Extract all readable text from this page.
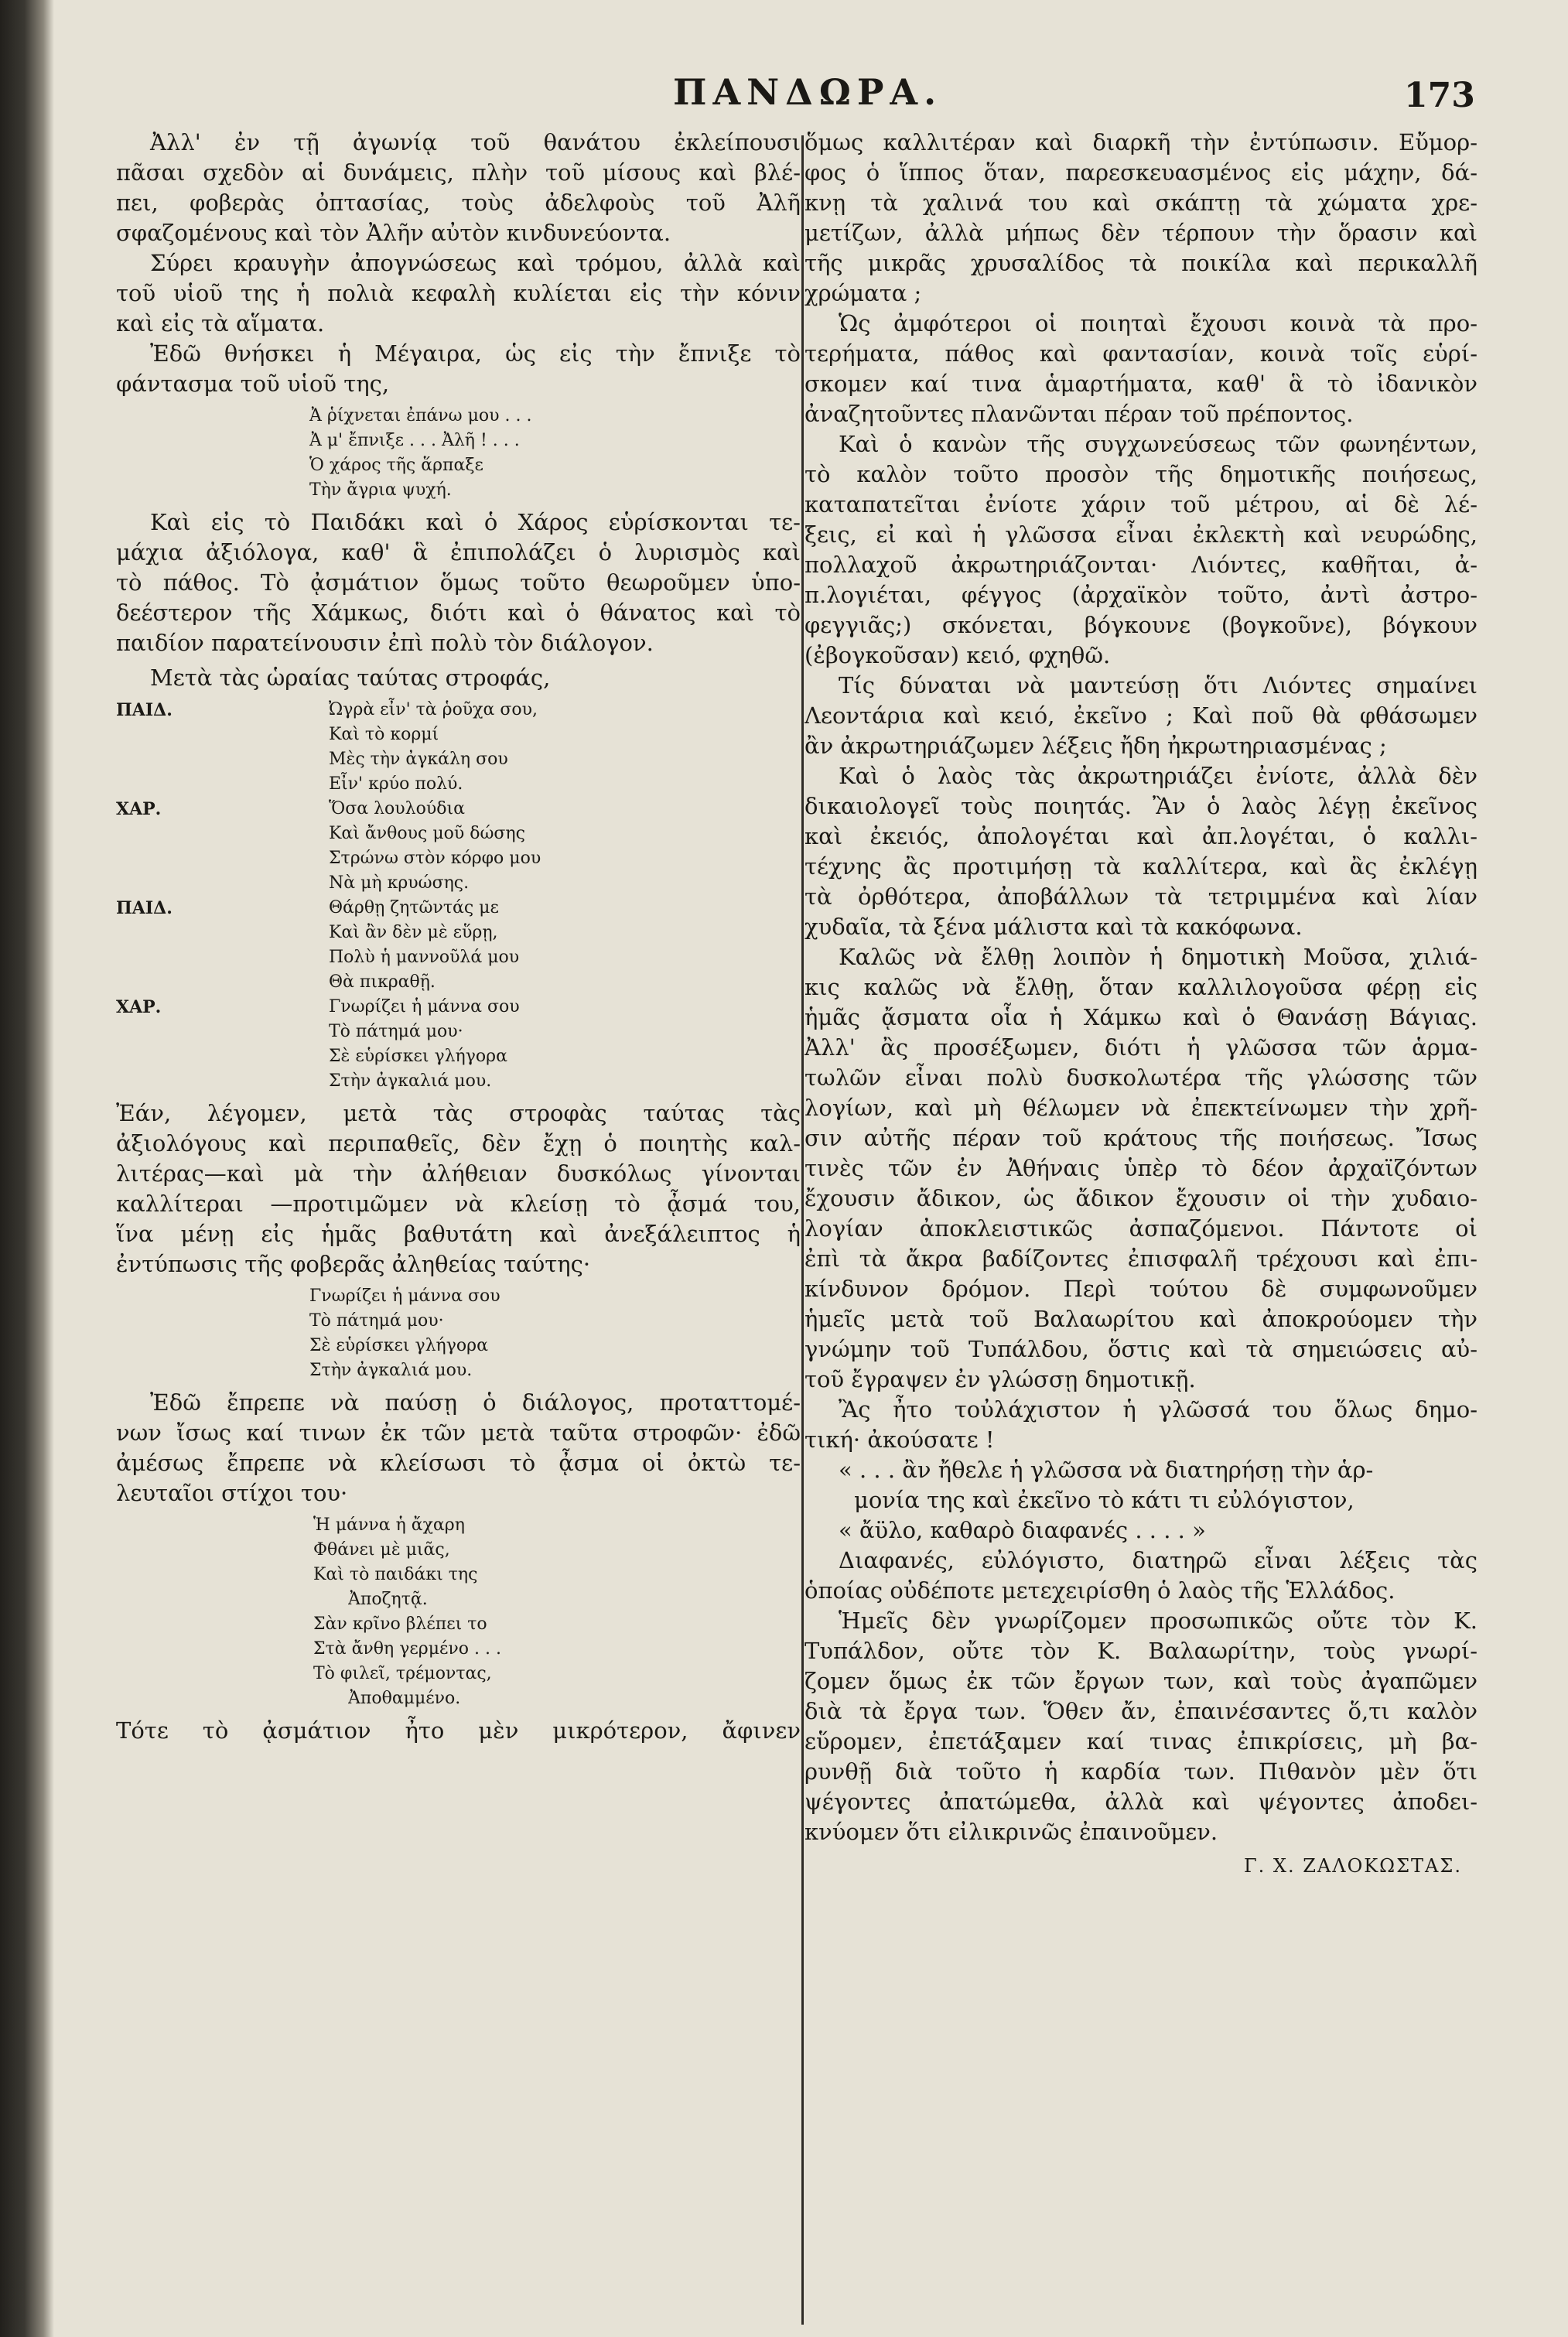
ΠΑΝΔΩΡΑ.	173

Ἀλλ' ἐν τῇ ἀγωνίᾳ τοῦ θανάτου ἐκλείπουσι

πᾶσαι σχεδὸν αἱ δυνάμεις, πλὴν τοῦ μίσους καὶ βλέ-

πει, φοβερὰς ὀπτασίας, τοὺς ἀδελφοὺς τοῦ Ἀλῆ

σφαζομένους καὶ τὸν Ἀλῆν αὐτὸν κινδυνεύοντα.

Σύρει κραυγὴν ἀπογνώσεως καὶ τρόμου, ἀλλὰ καὶ

τοῦ υἱοῦ της ἡ πολιὰ κεφαλὴ κυλίεται εἰς τὴν κόνιν

καὶ εἰς τὰ αἵματα.

Ἐδῶ θνήσκει ἡ Μέγαιρα, ὡς εἰς τὴν ἔπνιξε τὸ

φάντασμα τοῦ υἱοῦ της,

Ἀ ῥίχνεται ἐπάνω μου . . .

Ἀ μ' ἔπνιξε . . . Ἀλῆ ! . . .

Ὁ χάρος τῆς ἅρπαξε

Τὴν ἄγρια ψυχή.

Καὶ εἰς τὸ Παιδάκι καὶ ὁ Χάρος εὑρίσκονται τε-

μάχια ἀξιόλογα, καθ' ἃ ἐπιπολάζει ὁ λυρισμὸς καὶ

τὸ πάθος. Τὸ ᾀσμάτιον ὅμως τοῦτο θεωροῦμεν ὑπο-

δεέστερον τῆς Χάμκως, διότι καὶ ὁ θάνατος καὶ τὸ

παιδίον παρατείνουσιν ἐπὶ πολὺ τὸν διάλογον.

Μετὰ τὰς ὡραίας ταύτας στροφάς,

ΠΑΙΔ.	Ὠγρὰ εἶν' τὰ ῥοῦχα σου,
Καὶ τὸ κορμί
Μὲς τὴν ἀγκάλη σου
Εἶν' κρύο πολύ.
ΧΑΡ.	Ὅσα λουλούδια
Καὶ ἄνθους μοῦ δώσης
Στρώνω στὸν κόρφο μου
Νὰ μὴ κρυώσης.
ΠΑΙΔ.	Θάρθῃ ζητῶντάς με
Καὶ ἂν δὲν μὲ εὕρῃ,
Πολὺ ἡ μαννοῦλά μου
Θὰ πικραθῇ.
ΧΑΡ.	Γνωρίζει ἡ μάννα σου
Τὸ πάτημά μου·
Σὲ εὑρίσκει γλήγορα
Στὴν ἀγκαλιά μου.

Ἐάν, λέγομεν, μετὰ τὰς στροφὰς ταύτας τὰς

ἀξιολόγους καὶ περιπαθεῖς, δὲν ἔχῃ ὁ ποιητὴς καλ-

λιτέρας—καὶ μὰ τὴν ἀλήθειαν δυσκόλως γίνονται

καλλίτεραι —προτιμῶμεν νὰ κλείσῃ τὸ ᾆσμά του,

ἵνα μένῃ εἰς ἡμᾶς βαθυτάτη καὶ ἀνεξάλειπτος ἡ

ἐντύπωσις τῆς φοβερᾶς ἀληθείας ταύτης·

Γνωρίζει ἡ μάννα σου

Τὸ πάτημά μου·

Σὲ εὑρίσκει γλήγορα

Στὴν ἀγκαλιά μου.

Ἐδῶ ἔπρεπε νὰ παύσῃ ὁ διάλογος, προταττομέ-

νων ἴσως καί τινων ἐκ τῶν μετὰ ταῦτα στροφῶν· ἐδῶ

ἀμέσως ἔπρεπε νὰ κλείσωσι τὸ ᾆσμα οἱ ὀκτὼ τε-

λευταῖοι στίχοι του·

Ἡ μάννα ἡ ἄχαρη

Φθάνει μὲ μιᾶς,

Καὶ τὸ παιδάκι της

Ἀποζητᾷ.

Σὰν κρῖνο βλέπει το

Στὰ ἄνθη γερμένο . . .

Τὸ φιλεῖ, τρέμοντας,

Ἀποθαμμένο.

Τότε τὸ ᾀσμάτιον ἦτο μὲν μικρότερον, ἄφινεν

ὅμως καλλιτέραν καὶ διαρκῆ τὴν ἐντύπωσιν. Εὔμορ-

φος ὁ ἵππος ὅταν, παρεσκευασμένος εἰς μάχην, δά-

κνῃ τὰ χαλινά του καὶ σκάπτῃ τὰ χώματα χρε-

μετίζων, ἀλλὰ μήπως δὲν τέρπουν τὴν ὅρασιν καὶ

τῆς μικρᾶς χρυσαλίδος τὰ ποικίλα καὶ περικαλλῆ

χρώματα ;

Ὡς ἀμφότεροι οἱ ποιηταὶ ἔχουσι κοινὰ τὰ προ-

τερήματα, πάθος καὶ φαντασίαν, κοινὰ τοῖς εὑρί-

σκομεν καί τινα ἁμαρτήματα, καθ' ἃ τὸ ἰδανικὸν

ἀναζητοῦντες πλανῶνται πέραν τοῦ πρέποντος.

Καὶ ὁ κανὼν τῆς συγχωνεύσεως τῶν φωνηέντων,

τὸ καλὸν τοῦτο προσὸν τῆς δημοτικῆς ποιήσεως,

καταπατεῖται ἐνίοτε χάριν τοῦ μέτρου, αἱ δὲ λέ-

ξεις, εἰ καὶ ἡ γλῶσσα εἶναι ἐκλεκτὴ καὶ νευρώδης,

πολλαχοῦ ἀκρωτηριάζονται· Λιόντες, καθῆται, ἀ-

π.λογιέται, φέγγος (ἀρχαϊκὸν τοῦτο, ἀντὶ ἀστρο-

φεγγιᾶς;) σκόνεται, βόγκουνε (βογκοῦνε), βόγκουν

(ἐβογκοῦσαν) κειό, φχηθῶ.

Τίς δύναται νὰ μαντεύσῃ ὅτι Λιόντες σημαίνει

Λεοντάρια καὶ κειό, ἐκεῖνο ; Καὶ ποῦ θὰ φθάσωμεν

ἂν ἀκρωτηριάζωμεν λέξεις ἤδη ἠκρωτηριασμένας ;

Καὶ ὁ λαὸς τὰς ἀκρωτηριάζει ἐνίοτε, ἀλλὰ δὲν

δικαιολογεῖ τοὺς ποιητάς. Ἂν ὁ λαὸς λέγῃ ἐκεῖνος

καὶ ἐκειός, ἀπολογέται καὶ ἀπ.λογέται, ὁ καλλι-

τέχνης ἂς προτιμήσῃ τὰ καλλίτερα, καὶ ἂς ἐκλέγῃ

τὰ ὀρθότερα, ἀποβάλλων τὰ τετριμμένα καὶ λίαν

χυδαῖα, τὰ ξένα μάλιστα καὶ τὰ κακόφωνα.

Καλῶς νὰ ἔλθῃ λοιπὸν ἡ δημοτικὴ Μοῦσα, χιλιά-

κις καλῶς νὰ ἔλθῃ, ὅταν καλλιλογοῦσα φέρῃ εἰς

ἡμᾶς ᾄσματα οἷα ἡ Χάμκω καὶ ὁ Θανάσῃ Βάγιας.

Ἀλλ' ἂς προσέξωμεν, διότι ἡ γλῶσσα τῶν ἁρμα-

τωλῶν εἶναι πολὺ δυσκολωτέρα τῆς γλώσσης τῶν

λογίων, καὶ μὴ θέλωμεν νὰ ἐπεκτείνωμεν τὴν χρῆ-

σιν αὐτῆς πέραν τοῦ κράτους τῆς ποιήσεως. Ἴσως

τινὲς τῶν ἐν Ἀθήναις ὑπὲρ τὸ δέον ἀρχαϊζόντων

ἔχουσιν ἄδικον, ὡς ἄδικον ἔχουσιν οἱ τὴν χυδαιο-

λογίαν ἀποκλειστικῶς ἀσπαζόμενοι. Πάντοτε οἱ

ἐπὶ τὰ ἄκρα βαδίζοντες ἐπισφαλῆ τρέχουσι καὶ ἐπι-

κίνδυνον δρόμον. Περὶ τούτου δὲ συμφωνοῦμεν

ἡμεῖς μετὰ τοῦ Βαλαωρίτου καὶ ἀποκρούομεν τὴν

γνώμην τοῦ Τυπάλδου, ὅστις καὶ τὰ σημειώσεις αὐ-

τοῦ ἔγραψεν ἐν γλώσσῃ δημοτικῇ.

Ἂς ἦτο τοὐλάχιστον ἡ γλῶσσά του ὅλως δημο-

τική· ἀκούσατε !

« . . . ἂν ἤθελε ἡ γλῶσσα νὰ διατηρήσῃ τὴν ἁρ-

μονία της καὶ ἐκεῖνο τὸ κάτι τι εὐλόγιστον,

« ἄϋλο, καθαρὸ διαφανές . . . . »

Διαφανές, εὐλόγιστο, διατηρῶ εἶναι λέξεις τὰς

ὁποίας οὐδέποτε μετεχειρίσθη ὁ λαὸς τῆς Ἑλλάδος.

Ἡμεῖς δὲν γνωρίζομεν προσωπικῶς οὔτε τὸν Κ.

Τυπάλδον, οὔτε τὸν Κ. Βαλαωρίτην, τοὺς γνωρί-

ζομεν ὅμως ἐκ τῶν ἔργων των, καὶ τοὺς ἀγαπῶμεν

διὰ τὰ ἔργα των. Ὅθεν ἄν, ἐπαινέσαντες ὅ,τι καλὸν

εὕρομεν, ἐπετάξαμεν καί τινας ἐπικρίσεις, μὴ βα-

ρυνθῇ διὰ τοῦτο ἡ καρδία των. Πιθανὸν μὲν ὅτι

ψέγοντες ἀπατώμεθα, ἀλλὰ καὶ ψέγοντες ἀποδει-

κνύομεν ὅτι εἰλικρινῶς ἐπαινοῦμεν.

Γ. Χ. ΖΑΛΟΚΩΣΤΑΣ.
